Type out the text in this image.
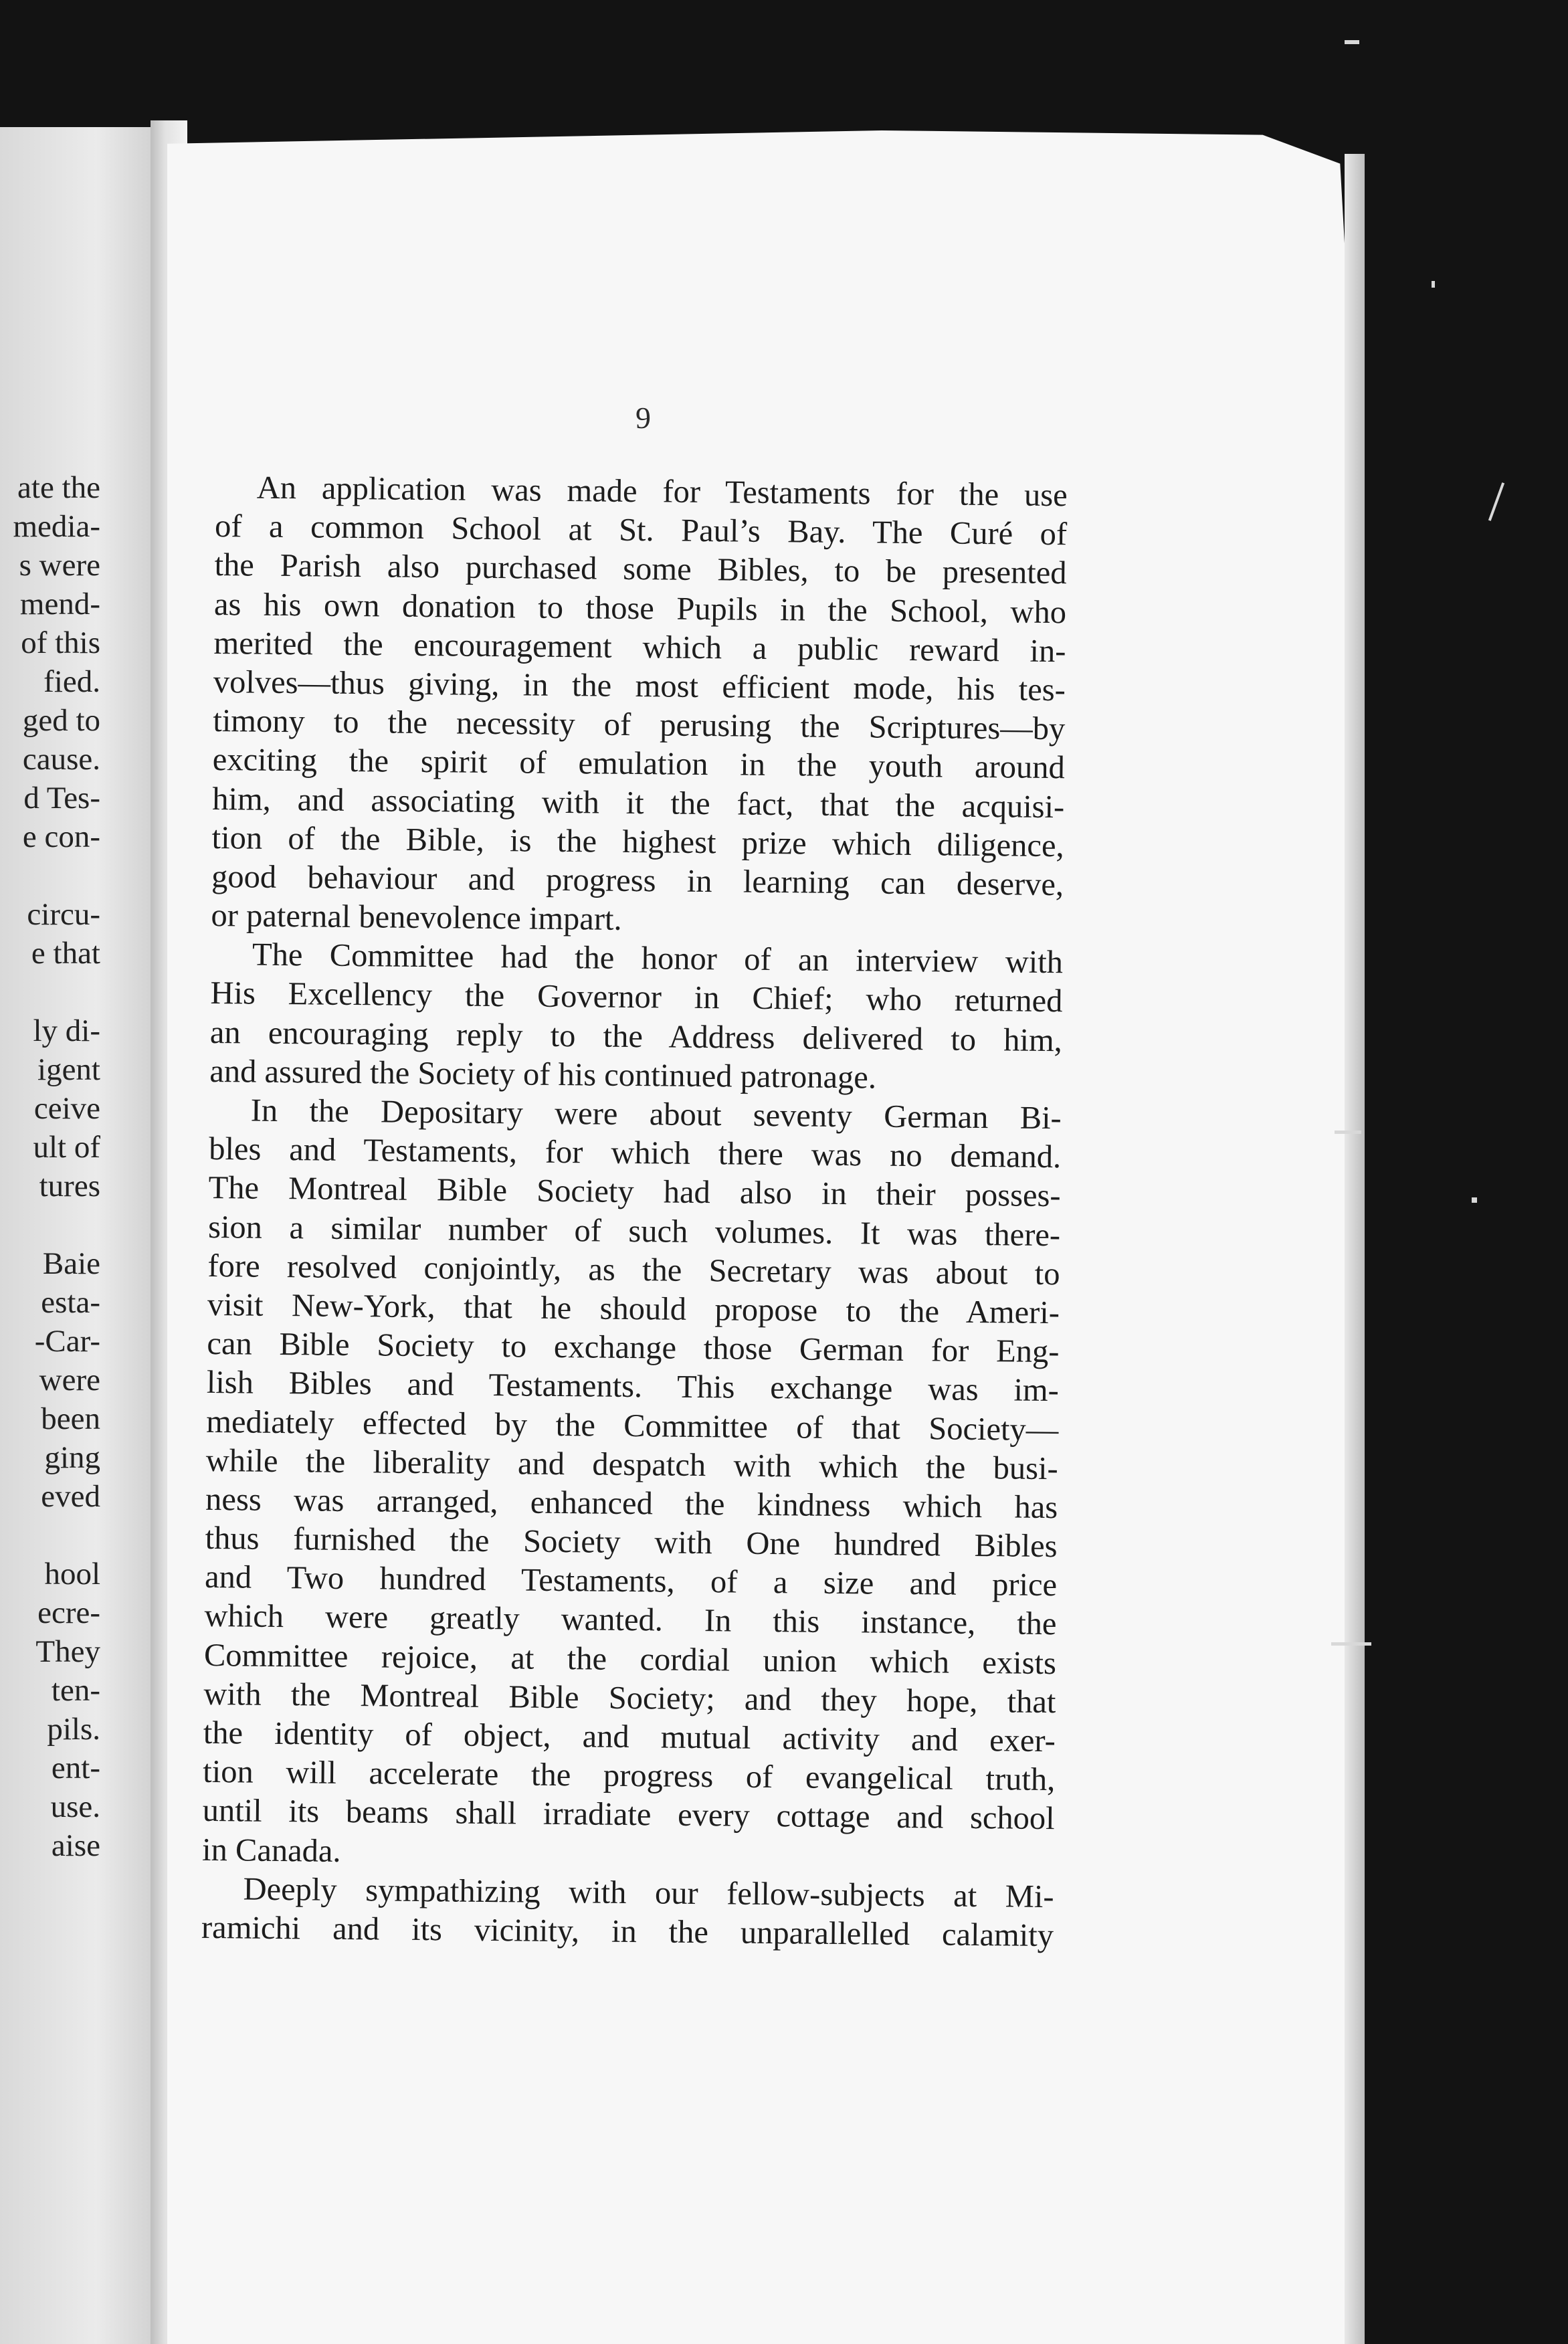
ate the
media-
s were
mend-
of this
fied.
ged to
cause.
d Tes-
e con-
circu-
e that
ly di-
igent
ceive
ult of
tures
Baie
esta-
-Car-
were
been
ging
eved
hool
ecre-
They
ten-
pils.
ent-
use.
aise
9
An application was made for Testaments for the use
of a common School at St. Paul’s Bay. The Curé of
the Parish also purchased some Bibles, to be presented
as his own donation to those Pupils in the School, who
merited the encouragement which a public reward in-
volves—thus giving, in the most efficient mode, his tes-
timony to the necessity of perusing the Scriptures—by
exciting the spirit of emulation in the youth around
him, and associating with it the fact, that the acquisi-
tion of the Bible, is the highest prize which diligence,
good behaviour and progress in learning can deserve,
or paternal benevolence impart.
The Committee had the honor of an interview with
His Excellency the Governor in Chief; who returned
an encouraging reply to the Address delivered to him,
and assured the Society of his continued patronage.
In the Depositary were about seventy German Bi-
bles and Testaments, for which there was no demand.
The Montreal Bible Society had also in their posses-
sion a similar number of such volumes. It was there-
fore resolved conjointly, as the Secretary was about to
visit New-York, that he should propose to the Ameri-
can Bible Society to exchange those German for Eng-
lish Bibles and Testaments. This exchange was im-
mediately effected by the Committee of that Society—
while the liberality and despatch with which the busi-
ness was arranged, enhanced the kindness which has
thus furnished the Society with One hundred Bibles
and Two hundred Testaments, of a size and price
which were greatly wanted. In this instance, the
Committee rejoice, at the cordial union which exists
with the Montreal Bible Society; and they hope, that
the identity of object, and mutual activity and exer-
tion will accelerate the progress of evangelical truth,
until its beams shall irradiate every cottage and school
in Canada.
Deeply sympathizing with our fellow-subjects at Mi-
ramichi and its vicinity, in the unparallelled calamity
